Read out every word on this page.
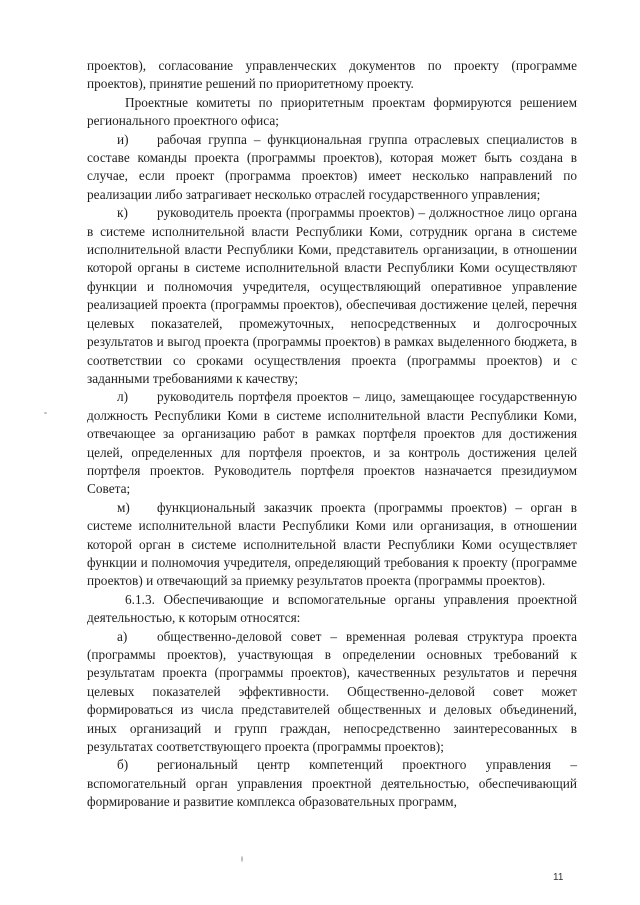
проектов), согласование управленческих документов по проекту (программе проектов), принятие решений по приоритетному проекту.

Проектные комитеты по приоритетным проектам формируются решением регионального проектного офиса;

и) рабочая группа – функциональная группа отраслевых специалистов в составе команды проекта (программы проектов), которая может быть создана в случае, если проект (программа проектов) имеет несколько направлений по реализации либо затрагивает несколько отраслей государственного управления;

к) руководитель проекта (программы проектов) – должностное лицо органа в системе исполнительной власти Республики Коми, сотрудник органа в системе исполнительной власти Республики Коми, представитель организации, в отношении которой органы в системе исполнительной власти Республики Коми осуществляют функции и полномочия учредителя, осуществляющий оперативное управление реализацией проекта (программы проектов), обеспечивая достижение целей, перечня целевых показателей, промежуточных, непосредственных и долгосрочных результатов и выгод проекта (программы проектов) в рамках выделенного бюджета, в соответствии со сроками осуществления проекта (программы проектов) и с заданными требованиями к качеству;

л) руководитель портфеля проектов – лицо, замещающее государственную должность Республики Коми в системе исполнительной власти Республики Коми, отвечающее за организацию работ в рамках портфеля проектов для достижения целей, определенных для портфеля проектов, и за контроль достижения целей портфеля проектов. Руководитель портфеля проектов назначается президиумом Совета;

м) функциональный заказчик проекта (программы проектов) – орган в системе исполнительной власти Республики Коми или организация, в отношении которой орган в системе исполнительной власти Республики Коми осуществляет функции и полномочия учредителя, определяющий требования к проекту (программе проектов) и отвечающий за приемку результатов проекта (программы проектов).

6.1.3. Обеспечивающие и вспомогательные органы управления проектной деятельностью, к которым относятся:

а) общественно-деловой совет – временная ролевая структура проекта (программы проектов), участвующая в определении основных требований к результатам проекта (программы проектов), качественных результатов и перечня целевых показателей эффективности. Общественно-деловой совет может формироваться из числа представителей общественных и деловых объединений, иных организаций и групп граждан, непосредственно заинтересованных в результатах соответствующего проекта (программы проектов);

б) региональный центр компетенций проектного управления – вспомогательный орган управления проектной деятельностью, обеспечивающий формирование и развитие комплекса образовательных программ,

11
